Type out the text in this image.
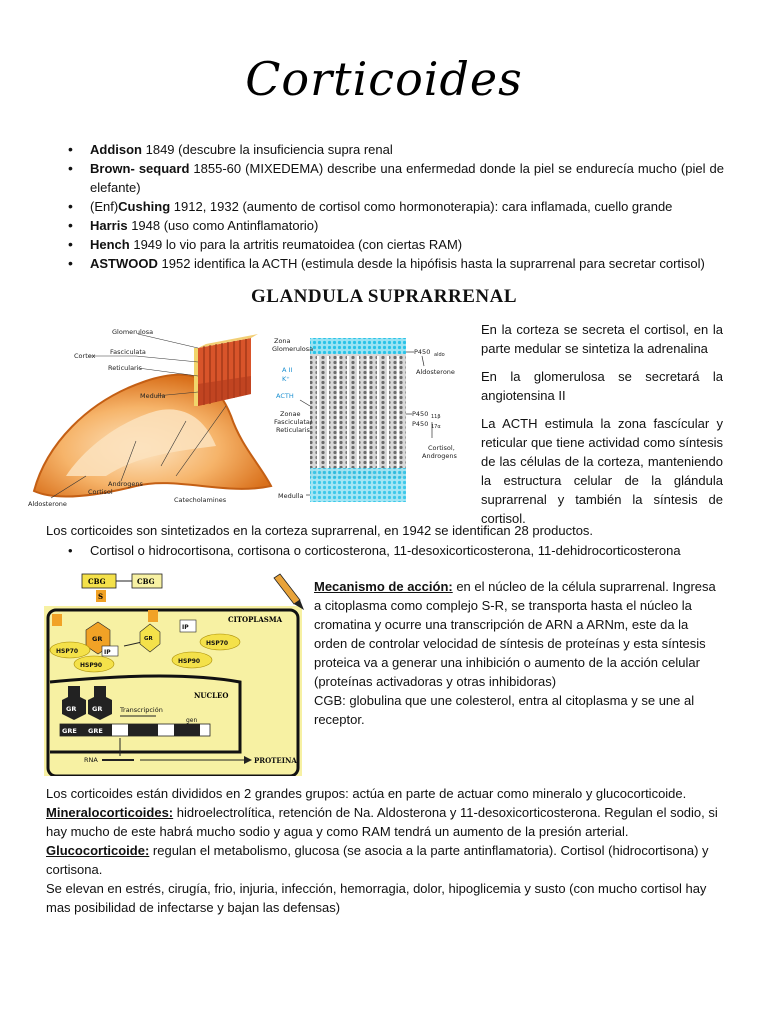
Corticoides
• Addison 1849 (descubre la insuficiencia supra renal
• Brown- sequard 1855-60 (MIXEDEMA) describe una enfermedad donde la piel se endurecía mucho (piel de elefante)
• (Enf)Cushing 1912, 1932 (aumento de cortisol como hormonoterapia): cara inflamada, cuello grande
• Harris 1948 (uso como Antinflamatorio)
• Hench 1949 lo vio para la artritis reumatoidea (con ciertas RAM)
• ASTWOOD 1952 identifica la ACTH (estimula desde la hipófisis hasta la suprarrenal para secretar cortisol)
GLANDULA SUPRARRENAL
Glomerulosa
Cortex Fasciculata
Reticularis
Medulla
Androgens
Cortisol
Aldosterone	Catecholamines
Zona
Glomerulosa
A II
K⁺
ACTH
Zonae
Fasciculata/
Reticularis
Medulla
P450 aldo
Aldosterone
P450 11β
P450 17α
Cortisol,
Androgens

En la corteza se secreta el cortisol, en la parte medular se sintetiza la adrenalina

En la glomerulosa se secretará la angiotensina II

La ACTH estimula la zona fascícular y reticular que tiene actividad como síntesis de las células de la corteza, manteniendo la estructura celular de la glándula suprarrenal y también la síntesis de cortisol.

Los corticoides son sintetizados en la corteza suprarrenal, en 1942 se identifican 28 productos.
• Cortisol o hidrocortisona, cortisona o corticosterona, 11-desoxicorticosterona, 11-dehidrocorticosterona
CBG	CBG
S
CITOPLASMA
NUCLEO
GR
HSP70
HSP90
IP
GR
IP
HSP70
HSP90
GR GR	Transcripción
gen
GRE GRE
RNA	PROTEINA
Mecanismo de acción: en el núcleo de la célula suprarrenal. Ingresa a citoplasma como complejo S-R, se transporta hasta el núcleo la cromatina y ocurre una transcripción de ARN a ARNm, este da la orden de controlar velocidad de síntesis de proteínas y esta síntesis proteica va a generar una inhibición o aumento de la acción celular (proteínas activadoras y otras inhibidoras)
CGB: globulina que une colesterol, entra al citoplasma y se une al receptor.

Los corticoides están divididos en 2 grandes grupos: actúa en parte de actuar como mineralo y glucocorticoide.

Mineralocorticoides: hidroelectrolítica, retención de Na. Aldosterona y 11-desoxicorticosterona. Regulan el sodio, si hay mucho de este habrá mucho sodio y agua y como RAM tendrá un aumento de la presión arterial.

Glucocorticoide: regulan el metabolismo, glucosa (se asocia a la parte antinflamatoria). Cortisol (hidrocortisona) y cortisona.

Se elevan en estrés, cirugía, frio, injuria, infección, hemorragia, dolor, hipoglicemia y susto (con mucho cortisol hay mas posibilidad de infectarse y bajan las defensas)
